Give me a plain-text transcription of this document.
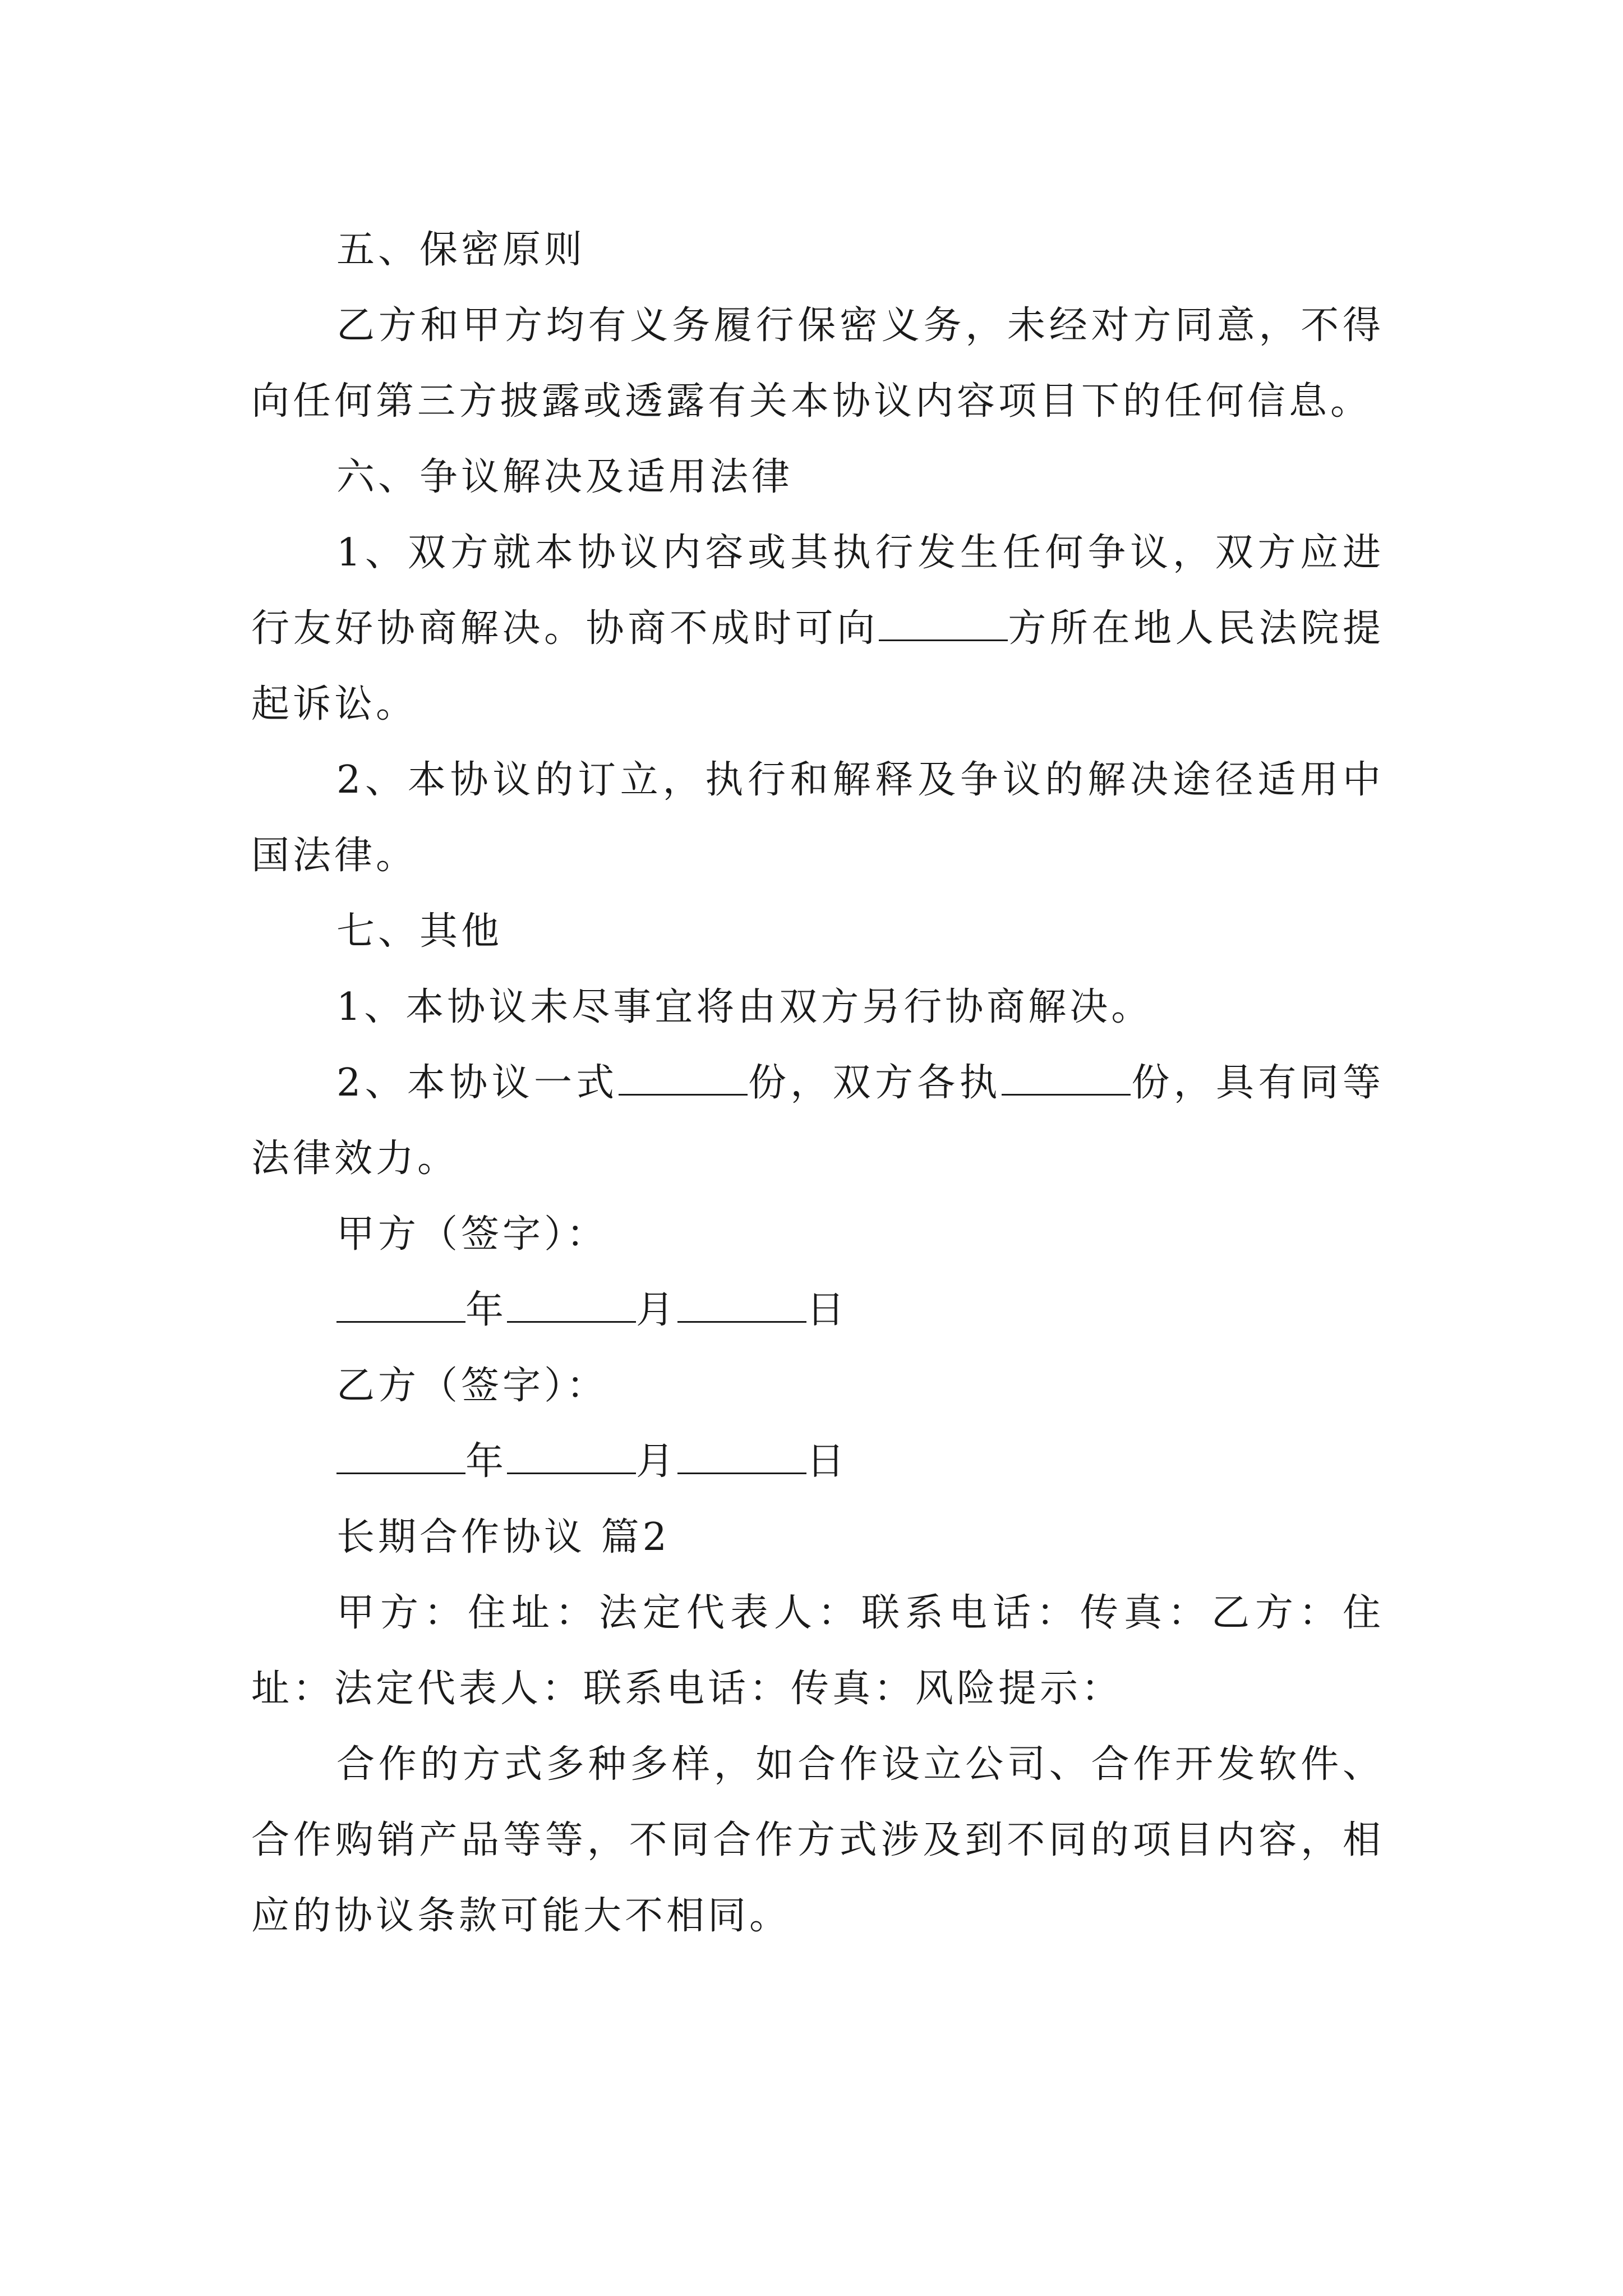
五、保密原则

乙方和甲方均有义务履行保密义务，未经对方同意，不得向任何第三方披露或透露有关本协议内容项目下的任何信息。

六、争议解决及适用法律

1、双方就本协议内容或其执行发生任何争议，双方应进行友好协商解决。协商不成时可向	方所在地人民法院提起诉讼。

2、本协议的订立，执行和解释及争议的解决途径适用中国法律。

七、其他

1、本协议未尽事宜将由双方另行协商解决。

2、本协议一式	份，双方各执	份，具有同等法律效力。

甲方（签字）：

年	月	日

乙方（签字）：

年	月	日

长期合作协议 篇2

甲方：住址：法定代表人：联系电话：传真：乙方：住址：法定代表人：联系电话：传真：风险提示：

合作的方式多种多样，如合作设立公司、合作开发软件、合作购销产品等等，不同合作方式涉及到不同的项目内容，相应的协议条款可能大不相同。
